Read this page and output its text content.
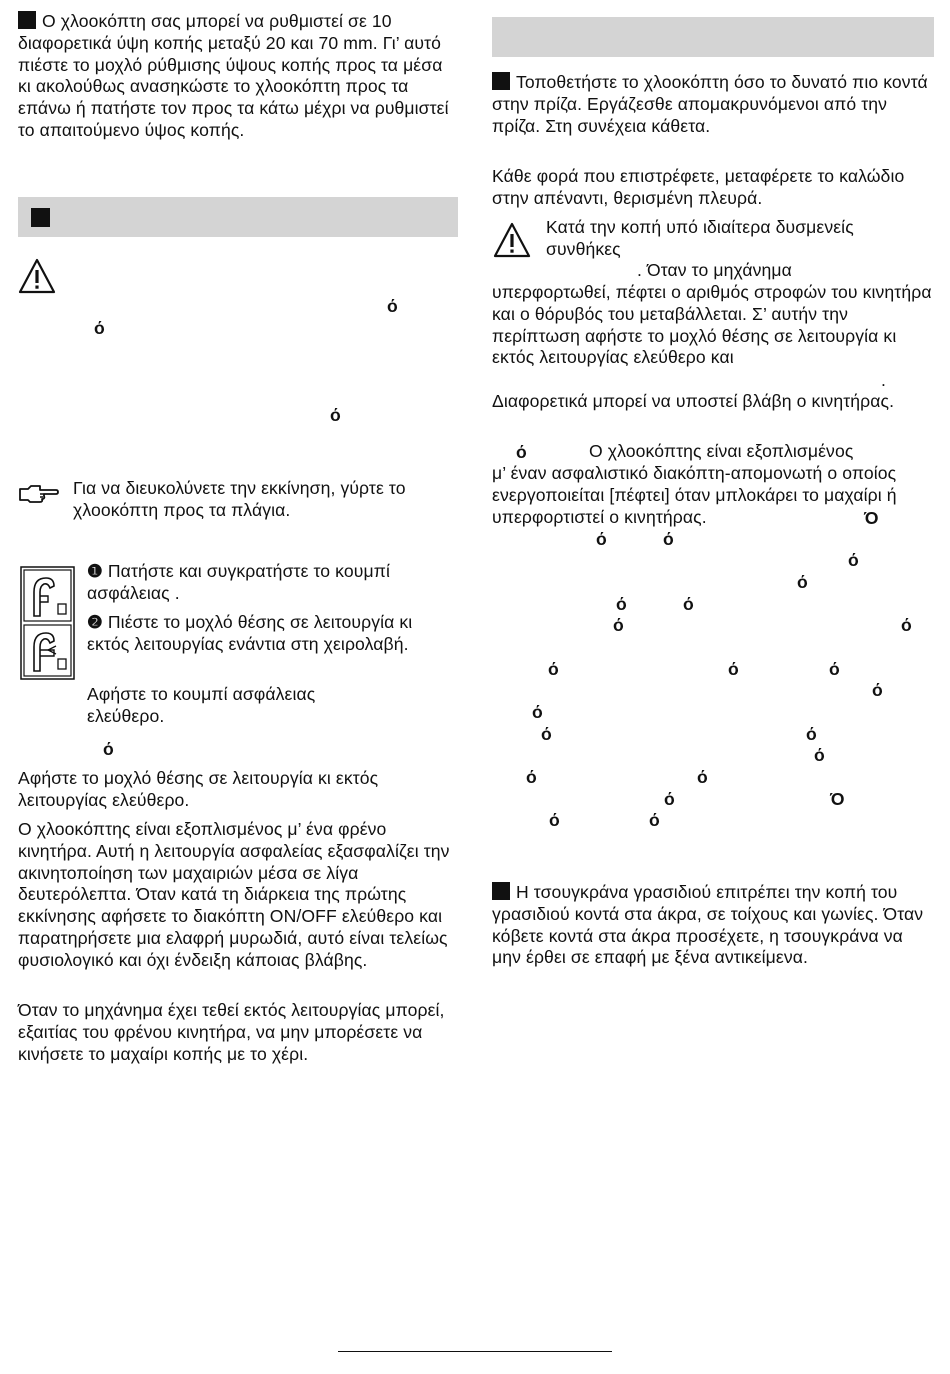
Ο χλοοκόπτη σας μπορεί να ρυθμιστεί σε 10 διαφορετικά ύψη κοπής μεταξύ 20 και 70 mm. Γι’ αυτό πιέστε το μοχλό ρύθμισης ύψους κοπής προς τα μέσα κι ακολούθως ανασηκώστε το χλοοκόπτη προς τα επάνω ή πατήστε τον προς τα κάτω μέχρι να ρυθμιστεί το απαιτούμενο ύψος κοπής.

ό
ό
ό

Για να διευκολύνετε την εκκίνηση, γύρτε το χλοοκόπτη προς τα πλάγια.

❶ Πατήστε και συγκρατήστε το κουμπί ασφάλειας .

❷ Πιέστε το μοχλό θέσης σε λειτουργία κι εκτός λειτουργίας ενάντια στη χειρολαβή.

Αφήστε το κουμπί ασφάλειας ελεύθερο.

ό

Αφήστε το μοχλό θέσης σε λειτουργία κι εκτός λειτουργίας ελεύθερο.

Ο χλοοκόπτης είναι εξοπλισμένος μ’ ένα φρένο κινητήρα. Αυτή η λειτουργία ασφαλείας εξασφαλίζει την ακινητοποίηση των μαχαιριών μέσα σε λίγα δευτερόλεπτα. Όταν κατά τη διάρκεια της πρώτης εκκίνησης αφήσετε το διακόπτη ON/OFF ελεύθερο και παρατηρήσετε μια ελαφρή μυρωδιά, αυτό είναι τελείως φυσιολογικό και όχι ένδειξη κάποιας βλάβης.

Όταν το μηχάνημα έχει τεθεί εκτός λειτουργίας μπορεί, εξαιτίας του φρένου κινητήρα, να μην μπορέσετε να κινήσετε το μαχαίρι κοπής με το χέρι.

Τοποθετήστε το χλοοκόπτη όσο το δυνατό πιο κοντά στην πρίζα. Εργάζεσθε απομακρυνόμενοι από την πρίζα. Στη συνέχεια κάθετα.

Κάθε φορά που επιστρέφετε, μεταφέρετε το καλώδιο στην απέναντι, θερισμένη πλευρά.

Κατά την κοπή υπό ιδιαίτερα δυσμενείς

συνθήκες

. Όταν το μηχάνημα

υπερφορτωθεί, πέφτει ο αριθμός στροφών του κινητήρα και ο θόρυβός του μεταβάλλεται. Σ’ αυτήν την περίπτωση αφήστε το μοχλό θέσης σε λειτουργία κι εκτός λειτουργίας ελεύθερο και

.

Διαφορετικά μπορεί να υποστεί βλάβη ο κινητήρας.

ό	Ο χλοοκόπτης είναι εξοπλισμένος

μ’ έναν ασφαλιστικό διακόπτη-απομονωτή ο οποίος ενεργοποιείται [πέφτει] όταν μπλοκάρει το μαχαίρι ή υπερφορτιστεί ο κινητήρας.	Ό
ό	ό
ό
ό
ό	ό
ό	ό
ό	ό	ό
ό
ό
ό	ό
ό
ό	ό
ό
ό	ό
Ό

Η τσουγκράνα γρασιδιού επιτρέπει την κοπή του γρασιδιού κοντά στα άκρα, σε τοίχους και γωνίες. Όταν κόβετε κοντά στα άκρα προσέχετε, η τσουγκράνα να μην έρθει σε επαφή με ξένα αντικείμενα.
